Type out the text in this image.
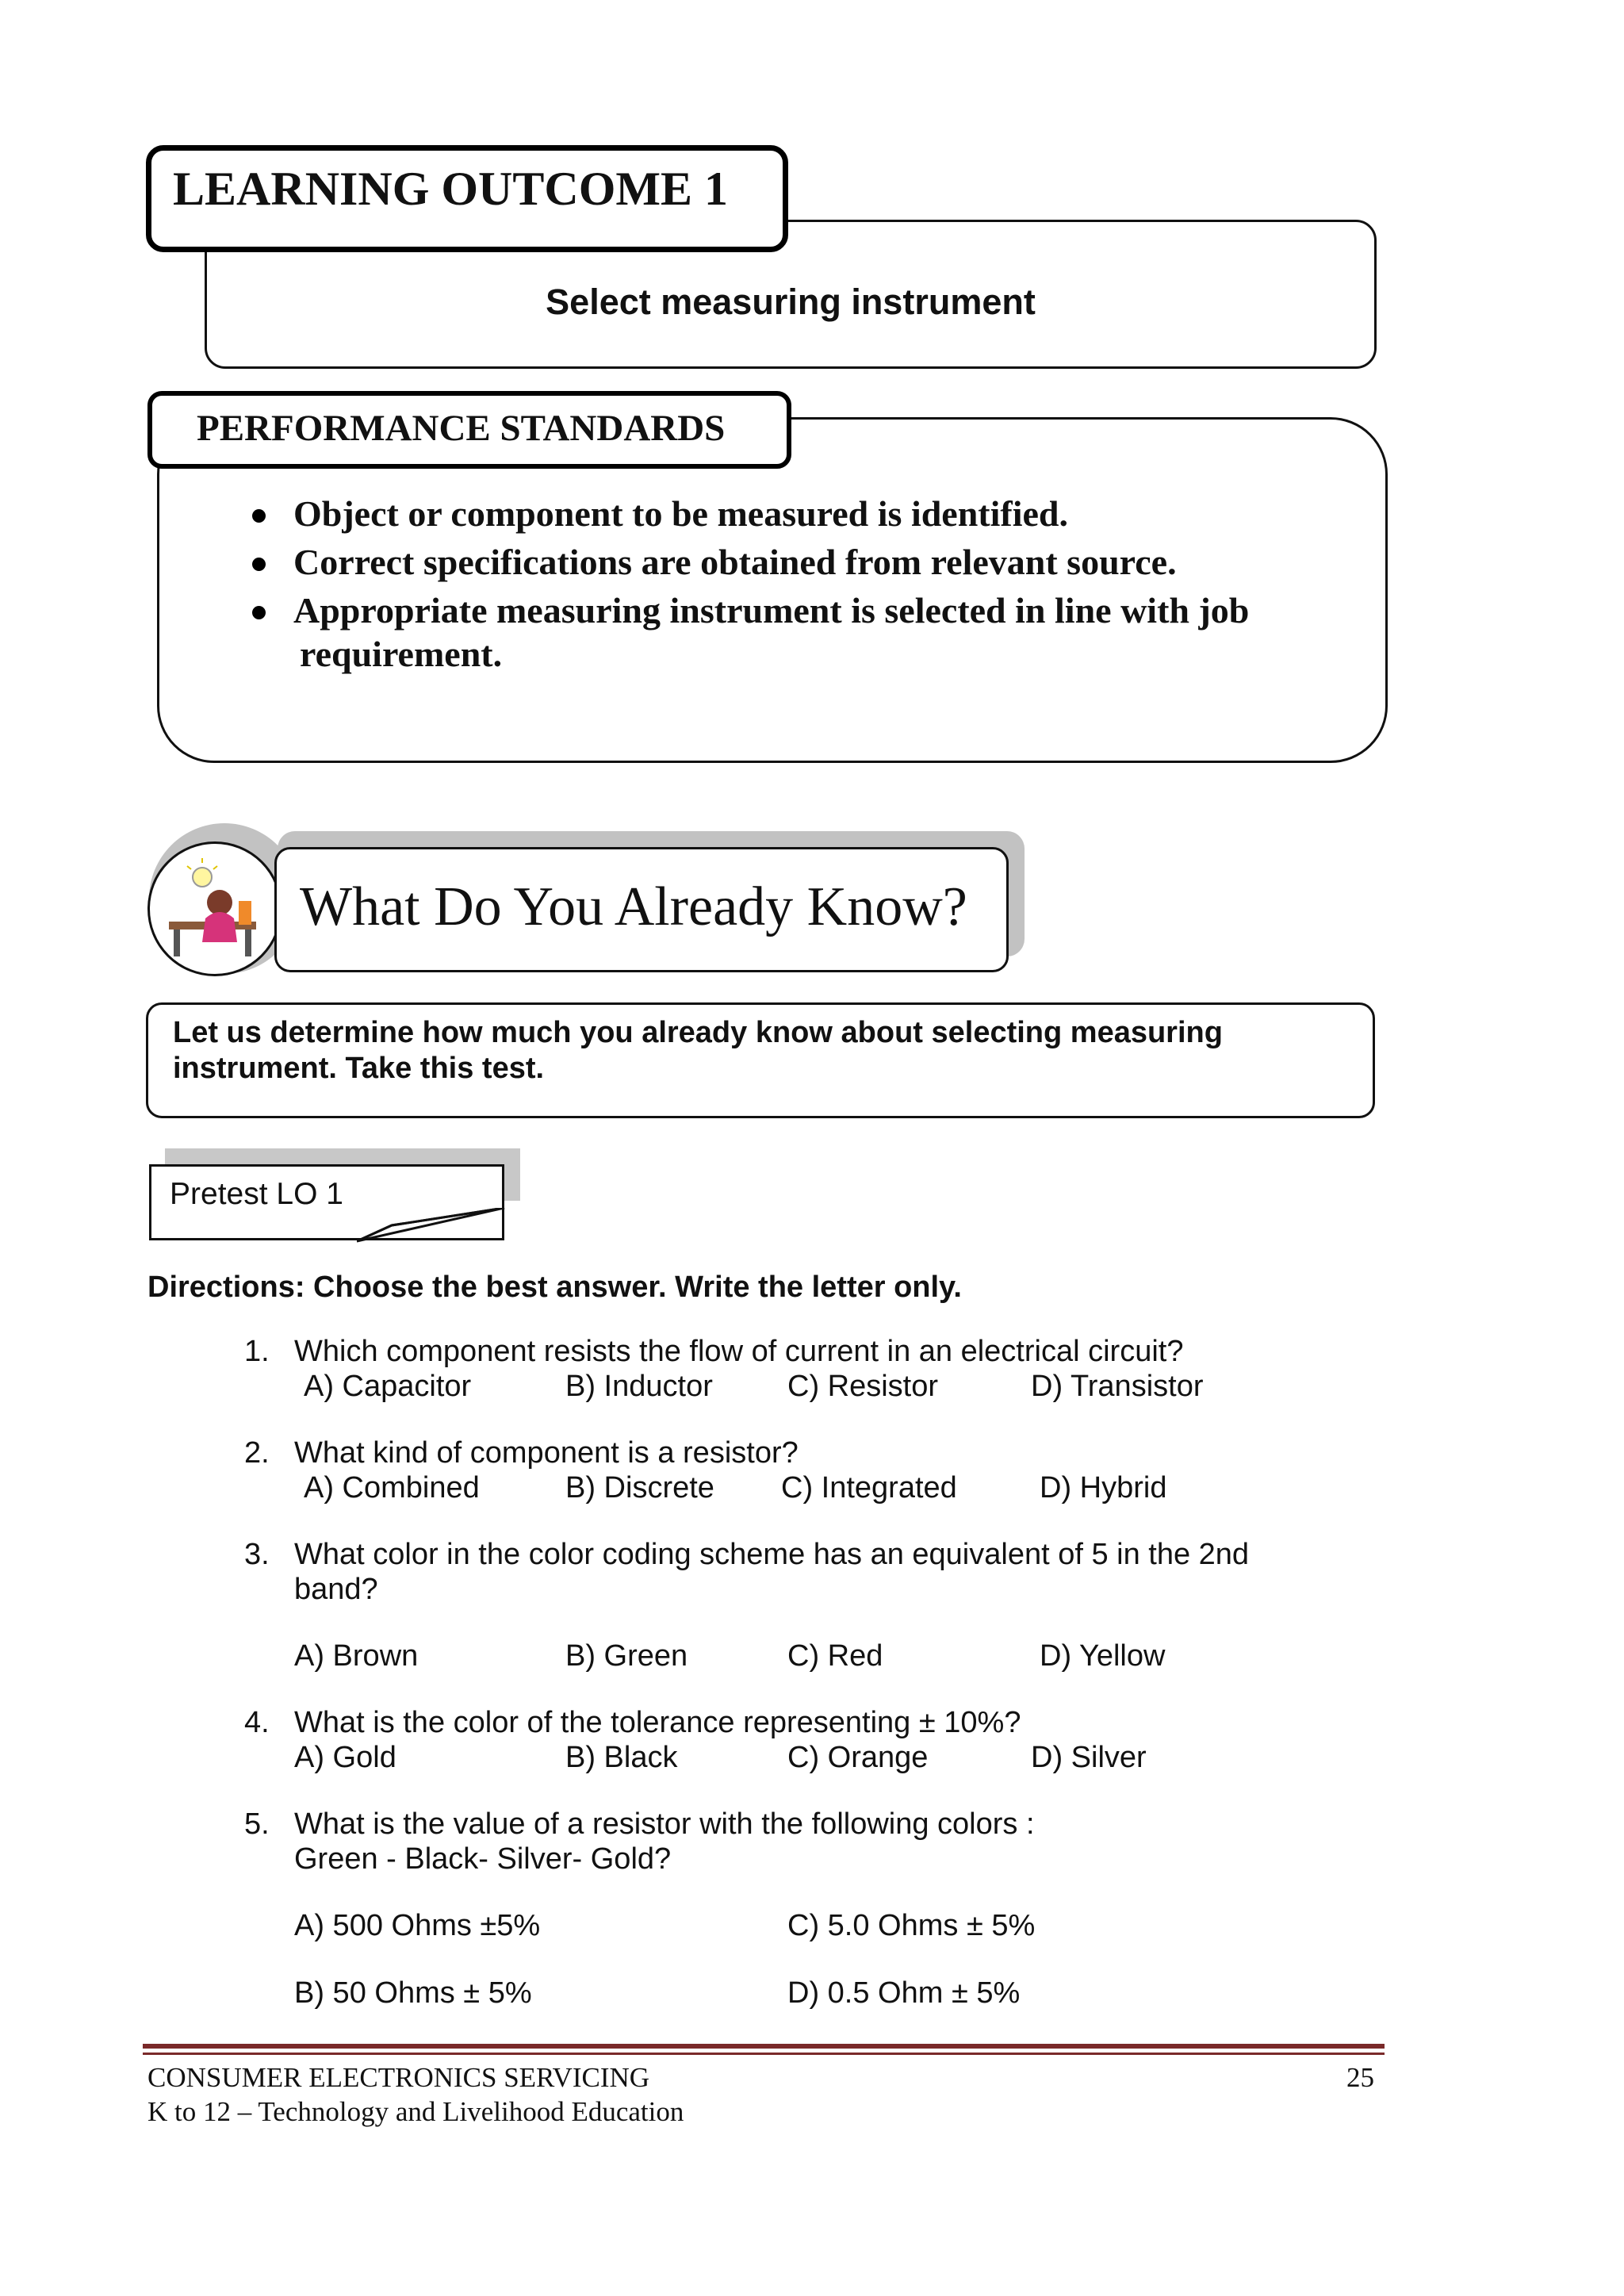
LEARNING OUTCOME 1
Select measuring instrument
PERFORMANCE STANDARDS
Object or component to be measured is identified.
Correct specifications are obtained from relevant source.
Appropriate measuring instrument is selected in line with job
requirement.
What Do You Already Know?
Let us determine how much you already know about selecting measuring
instrument. Take this test.
Pretest LO 1
Directions: Choose the best answer. Write the letter only.
1. Which component resists the flow of current in an electrical circuit?
A) Capacitor	B) Inductor C) Resistor	D) Transistor
2. What kind of component is a resistor?
A) Combined	B) Discrete C) Integrated	D) Hybrid
3. What color in the color coding scheme has an equivalent of 5 in the 2nd
band?
A) Brown	B) Green	C) Red	D) Yellow
4. What is the color of the tolerance representing ± 10%?
A) Gold	B) Black	C) Orange	D) Silver
5. What is the value of a resistor with the following colors :
Green - Black- Silver- Gold?
A) 500 Ohms ±5%	C) 5.0 Ohms ± 5%
B) 50 Ohms ± 5%	D) 0.5 Ohm ± 5%
CONSUMER ELECTRONICS SERVICING
K to 12 – Technology and Livelihood Education
25
